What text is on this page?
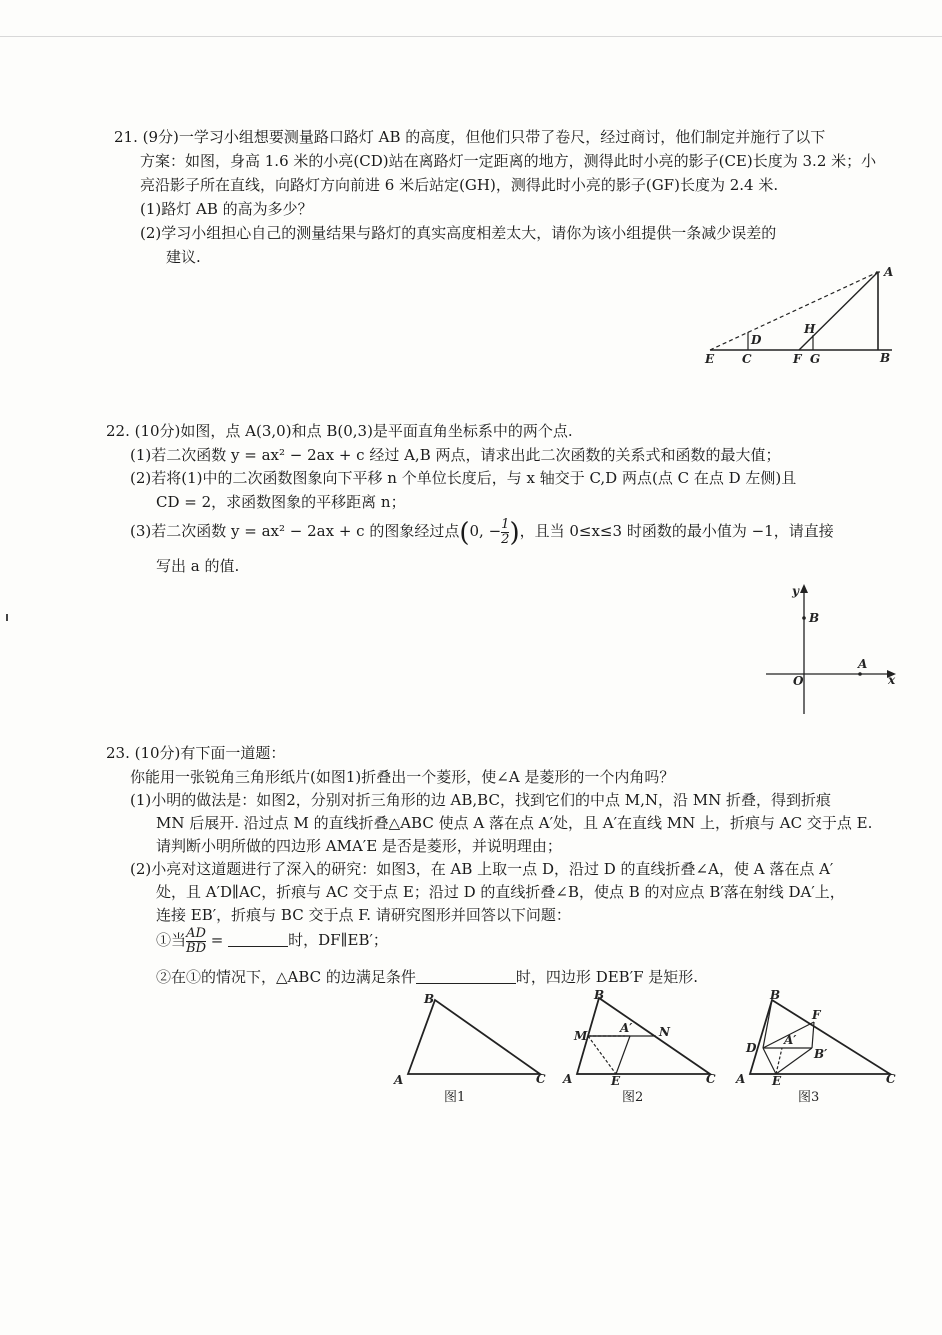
21. (9分)一学习小组想要测量路口路灯 AB 的高度，但他们只带了卷尺，经过商讨，他们制定并施行了以下
方案：如图，身高 1.6 米的小亮(CD)站在离路灯一定距离的地方，测得此时小亮的影子(CE)长度为 3.2 米；小
亮沿影子所在直线，向路灯方向前进 6 米后站定(GH)，测得此时小亮的影子(GF)长度为 2.4 米.
(1)路灯 AB 的高为多少？
(2)学习小组担心自己的测量结果与路灯的真实高度相差太大，请你为该小组提供一条减少误差的
建议.
A
B
C
D
E	F G
H
22. (10分)如图，点 A(3,0)和点 B(0,3)是平面直角坐标系中的两个点.
(1)若二次函数 y = ax² − 2ax + c 经过 A,B 两点，请求出此二次函数的关系式和函数的最大值；
(2)若将(1)中的二次函数图象向下平移 n 个单位长度后，与 x 轴交于 C,D 两点(点 C 在点 D 左侧)且
CD = 2，求函数图象的平移距离 n；
(3)若二次函数 y = ax² − 2ax + c 的图象经过点(0, − $\frac{1}{2}$ )，且当 0≤x≤3 时函数的最小值为 −1，请直接
写出 a 的值.
y
x
O
B
A
23. (10分)有下面一道题：
你能用一张锐角三角形纸片(如图1)折叠出一个菱形，使∠A 是菱形的一个内角吗？
(1)小明的做法是：如图2，分别对折三角形的边 AB,BC，找到它们的中点 M,N，沿 MN 折叠，得到折痕
MN 后展开. 沿过点 M 的直线折叠△ABC 使点 A 落在点 A′处，且 A′在直线 MN 上，折痕与 AC 交于点 E.
请判断小明所做的四边形 AMA′E 是否是菱形，并说明理由；
(2)小亮对这道题进行了深入的研究：如图3，在 AB 上取一点 D，沿过 D 的直线折叠∠A，使 A 落在点 A′
处，且 A′D∥AC，折痕与 AC 交于点 E；沿过 D 的直线折叠∠B，使点 B 的对应点 B′落在射线 DA′上，
连接 EB′，折痕与 BC 交于点 F. 请研究图形并回答以下问题：
①当 $\frac{AD}{BD}$ =	时，DF∥EB′；
②在①的情况下，△ABC 的边满足条件	时，四边形 DEB′F 是矩形.
A
B
C
图1
A
B
C
M	N
A′
E
图2
A
B
C
D
F
A′
B′
E
图3
